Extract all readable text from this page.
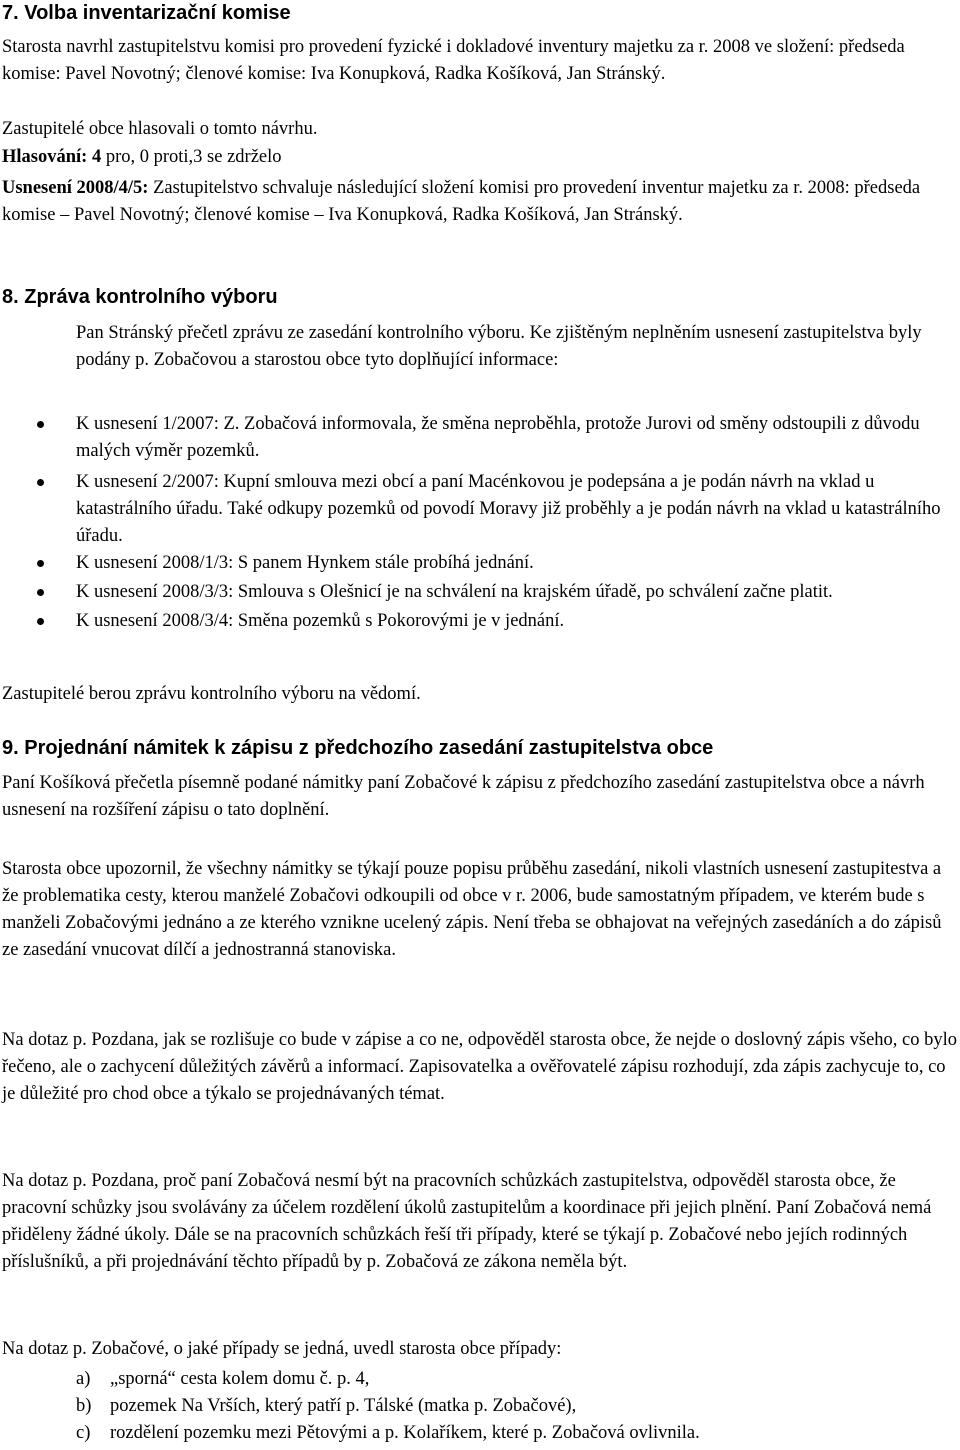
7. Volba inventarizační komise

Starosta navrhl zastupitelstvu komisi pro provedení fyzické i dokladové inventury majetku za r. 2008 ve složení: předseda komise: Pavel Novotný; členové komise: Iva Konupková, Radka Košíková, Jan Stránský.

Zastupitelé obce hlasovali o tomto návrhu.

Hlasování: 4 pro, 0 proti,3 se zdrželo

Usnesení 2008/4/5: Zastupitelstvo schvaluje následující složení komisi pro provedení inventur majetku za r. 2008: předseda komise – Pavel Novotný; členové komise – Iva Konupková, Radka Košíková, Jan Stránský.

8. Zpráva kontrolního výboru

Pan Stránský přečetl zprávu ze zasedání kontrolního výboru. Ke zjištěným neplněním usnesení zastupitelstva byly podány p. Zobačovou a starostou obce tyto doplňující informace:

K usnesení 1/2007: Z. Zobačová informovala, že směna neproběhla, protože Jurovi od směny odstoupili z důvodu malých výměr pozemků.
K usnesení 2/2007: Kupní smlouva mezi obcí a paní Macénkovou je podepsána a je podán návrh na vklad u katastrálního úřadu. Také odkupy pozemků od povodí Moravy již proběhly a je podán návrh na vklad u katastrálního úřadu.
K usnesení 2008/1/3: S panem Hynkem stále probíhá jednání.
K usnesení 2008/3/3: Smlouva s Olešnicí je na schválení na krajském úřadě, po schválení začne platit.
K usnesení 2008/3/4: Směna pozemků s Pokorovými je v jednání.

Zastupitelé berou zprávu kontrolního výboru na vědomí.

9. Projednání námitek k zápisu z předchozího zasedání zastupitelstva obce

Paní Košíková přečetla písemně podané námitky paní Zobačové k zápisu z předchozího zasedání zastupitelstva obce a návrh usnesení na rozšíření zápisu o tato doplnění.

Starosta obce upozornil, že všechny námitky se týkají pouze popisu průběhu zasedání, nikoli vlastních usnesení zastupitestva a že problematika cesty, kterou manželé Zobačovi odkoupili od obce v r. 2006, bude samostatným případem, ve kterém bude s manželi Zobačovými jednáno a ze kterého vznikne ucelený zápis. Není třeba se obhajovat na veřejných zasedáních a do zápisů ze zasedání vnucovat dílčí a jednostranná stanoviska.

Na dotaz p. Pozdana, jak se rozlišuje co bude v zápise a co ne, odpověděl starosta obce, že nejde o doslovný zápis všeho, co bylo řečeno, ale o zachycení důležitých závěrů a informací. Zapisovatelka a ověřovatelé zápisu rozhodují, zda zápis zachycuje to, co je důležité pro chod obce a týkalo se projednávaných témat.

Na dotaz p. Pozdana, proč paní Zobačová nesmí být na pracovních schůzkách zastupitelstva, odpověděl starosta obce, že pracovní schůzky jsou svolávány za účelem rozdělení úkolů zastupitelům a koordinace při jejich plnění. Paní Zobačová nemá přiděleny žádné úkoly. Dále se na pracovních schůzkách řeší tři případy, které se týkají p. Zobačové nebo jejích rodinných příslušníků, a při projednávání těchto případů by p. Zobačová ze zákona neměla být.

Na dotaz p. Zobačové, o jaké případy se jedná, uvedl starosta obce případy:

a) „sporná“ cesta kolem domu č. p. 4,
b) pozemek Na Vrších, který patří p. Tálské (matka p. Zobačové),
c) rozdělení pozemku mezi Pětovými a p. Kolaříkem, které p. Zobačová ovlivnila.
